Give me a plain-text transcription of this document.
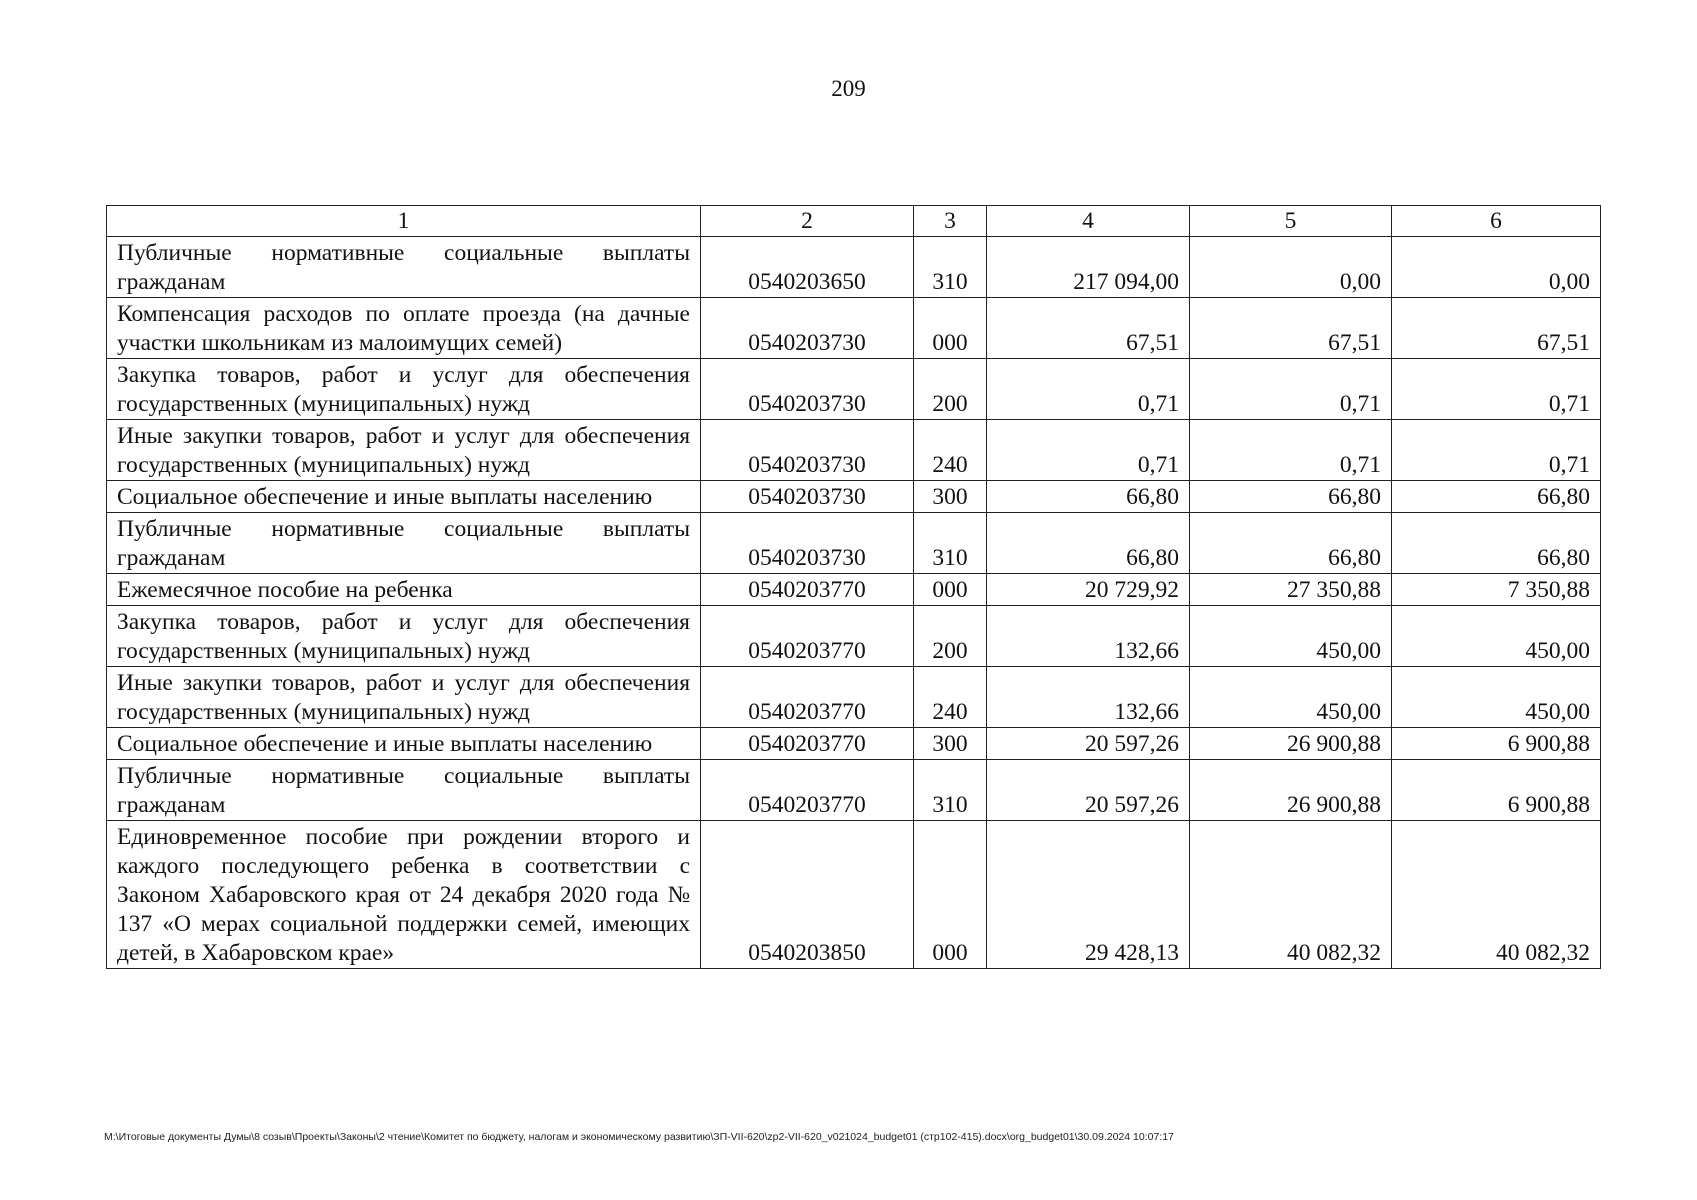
209
1	2	3	4	5	6
Публичные нормативные социальные выплаты гражданам	0540203650	310	217 094,00	0,00	0,00
Компенсация расходов по оплате проезда (на дачные участки школьникам из малоимущих семей)	0540203730	000	67,51	67,51	67,51
Закупка товаров, работ и услуг для обеспечения государственных (муниципальных) нужд	0540203730	200	0,71	0,71	0,71
Иные закупки товаров, работ и услуг для обеспечения государственных (муниципальных) нужд	0540203730	240	0,71	0,71	0,71
Социальное обеспечение и иные выплаты населению	0540203730	300	66,80	66,80	66,80
Публичные нормативные социальные выплаты гражданам	0540203730	310	66,80	66,80	66,80
Ежемесячное пособие на ребенка	0540203770	000	20 729,92	27 350,88	7 350,88
Закупка товаров, работ и услуг для обеспечения государственных (муниципальных) нужд	0540203770	200	132,66	450,00	450,00
Иные закупки товаров, работ и услуг для обеспечения государственных (муниципальных) нужд	0540203770	240	132,66	450,00	450,00
Социальное обеспечение и иные выплаты населению	0540203770	300	20 597,26	26 900,88	6 900,88
Публичные нормативные социальные выплаты гражданам	0540203770	310	20 597,26	26 900,88	6 900,88
Единовременное пособие при рождении второго и каждого последующего ребенка в соответствии с Законом Хабаровского края от 24 декабря 2020 года № 137 «О мерах социальной поддержки семей, имеющих детей, в Хабаровском крае»	0540203850	000	29 428,13	40 082,32	40 082,32
M:\Итоговые документы Думы\8 созыв\Проекты\Законы\2 чтение\Комитет по бюджету, налогам и экономическому развитию\ЗП-VII-620\zp2-VII-620_v021024_budget01 (стр102-415).docx\org_budget01\30.09.2024 10:07:17
